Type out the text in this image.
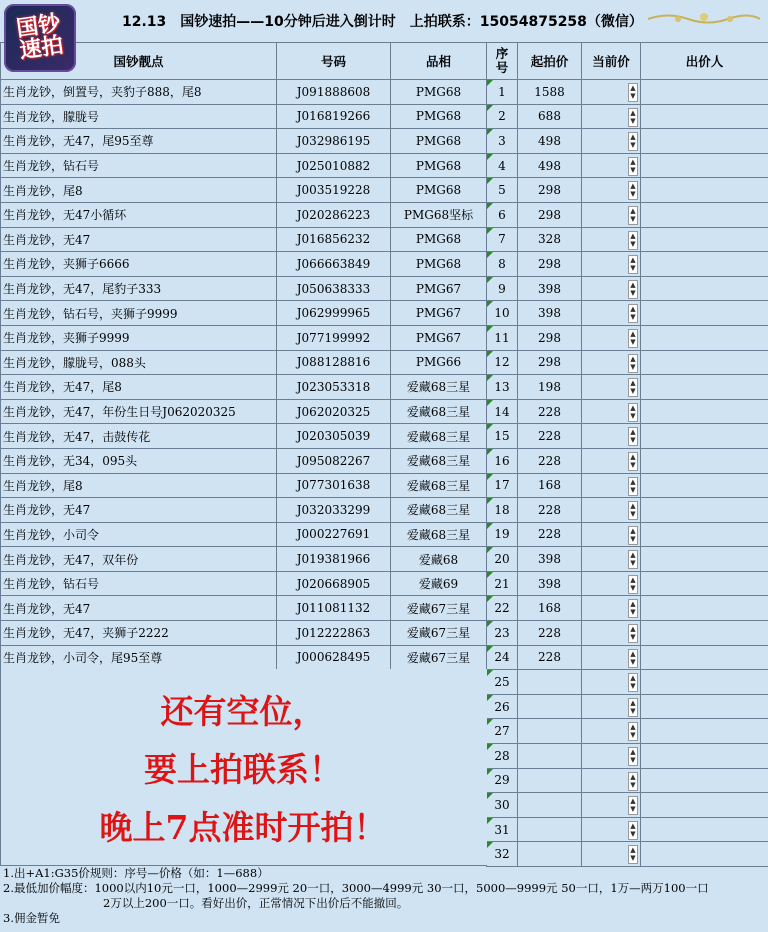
12.13　国钞速拍——10分钟后进入倒计时　上拍联系：15054875258（微信）
国钞
速拍	国钞靓点	号码	品相	序号	起拍价	当前价	出价人
生肖龙钞，倒置号，夹豹子888，尾8	J091888608	PMG68	1	1588	▲
▼	

生肖龙钞，朦胧号	J016819266	PMG68	2	688	▲
▼	

生肖龙钞，无47，尾95至尊	J032986195	PMG68	3	498	▲
▼	

生肖龙钞，钻石号	J025010882	PMG68	4	498	▲
▼	

生肖龙钞，尾8	J003519228	PMG68	5	298	▲
▼	

生肖龙钞，无47小循环	J020286223	PMG68坚标	6	298	▲
▼	

生肖龙钞，无47	J016856232	PMG68	7	328	▲
▼	

生肖龙钞，夹狮子6666	J066663849	PMG68	8	298	▲
▼	

生肖龙钞，无47，尾豹子333	J050638333	PMG67	9	398	▲
▼	

生肖龙钞，钻石号，夹狮子9999	J062999965	PMG67	10	398	▲
▼	

生肖龙钞，夹狮子9999	J077199992	PMG67	11	298	▲
▼	

生肖龙钞，朦胧号，088头	J088128816	PMG66	12	298	▲
▼	

生肖龙钞，无47，尾8	J023053318	爱藏68三星	13	198	▲
▼	

生肖龙钞，无47，年份生日号J062020325	J062020325	爱藏68三星	14	228	▲
▼	

生肖龙钞，无47，击鼓传花	J020305039	爱藏68三星	15	228	▲
▼	

生肖龙钞，无34，095头	J095082267	爱藏68三星	16	228	▲
▼	

生肖龙钞，尾8	J077301638	爱藏68三星	17	168	▲
▼	

生肖龙钞，无47	J032033299	爱藏68三星	18	228	▲
▼	

生肖龙钞，小司令	J000227691	爱藏68三星	19	228	▲
▼	

生肖龙钞，无47，双年份	J019381966	爱藏68	20	398	▲
▼	

生肖龙钞，钻石号	J020668905	爱藏69	21	398	▲
▼	

生肖龙钞，无47	J011081132	爱藏67三星	22	168	▲
▼	

生肖龙钞，无47，夹狮子2222	J012222863	爱藏67三星	23	228	▲
▼	

生肖龙钞，小司令，尾95至尊	J000628495	爱藏67三星	24	228	▲
▼	

			25		▲
▼	

			26		▲
▼	

			27		▲
▼	

			28		▲
▼	

			29		▲
▼	

			30		▲
▼	

			31		▲
▼	

			32		▲
▼	

还有空位，
要上拍联系！
晚上7点准时开拍！
1.出+A1:G35价规则：序号—价格（如：1—688）
2.最低加价幅度：1000以内10元一口，1000—2999元 20一口，3000—4999元 30一口，5000—9999元 50一口，1万—两万100一口
2万以上200一口。看好出价，正常情况下出价后不能撤回。
3.佣金暂免
